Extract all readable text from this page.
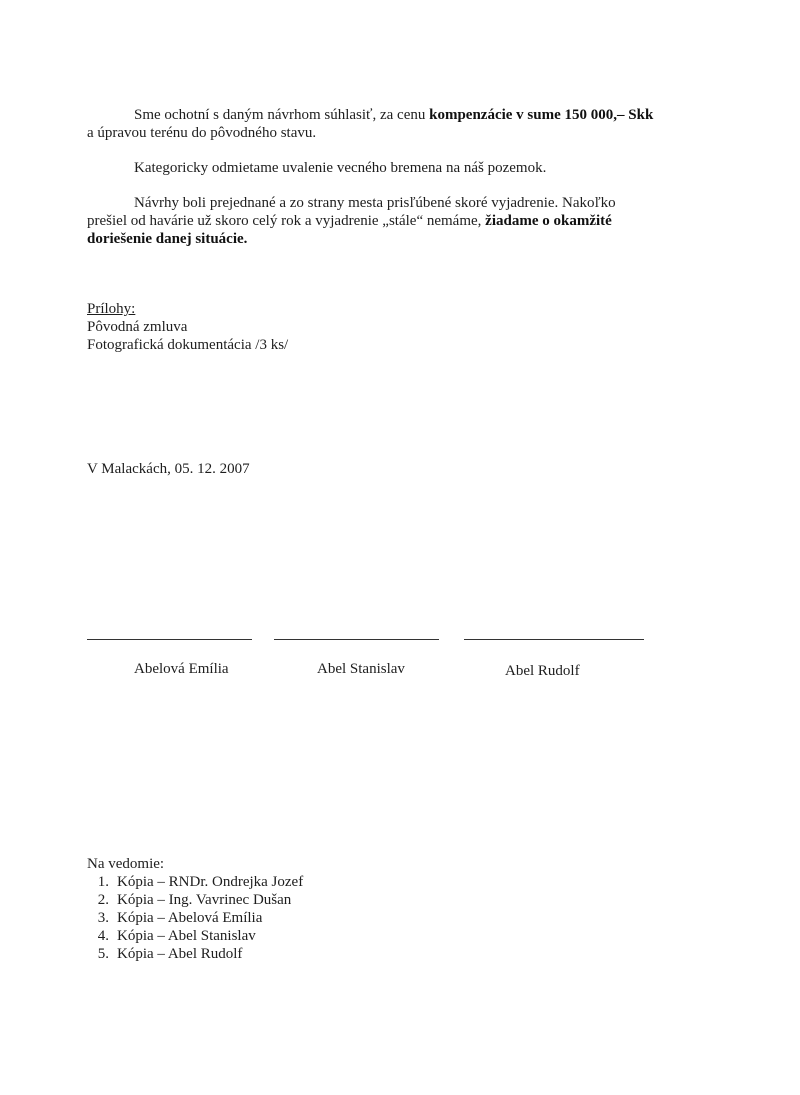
Sme ochotní s daným návrhom súhlasiť, za cenu kompenzácie v sume 150 000,– Skk
a úpravou terénu do pôvodného stavu.
Kategoricky odmietame uvalenie vecného bremena na náš pozemok.
Návrhy boli prejednané a zo strany mesta prisľúbené skoré vyjadrenie. Nakoľko
prešiel od havárie už skoro celý rok a vyjadrenie „stále“ nemáme, žiadame o okamžité
doriešenie danej situácie.
Prílohy:
Pôvodná zmluva
Fotografická dokumentácia /3 ks/
V Malackách, 05. 12. 2007
Abelová Emília	Abel Stanislav	Abel Rudolf
Na vedomie:
1. Kópia – RNDr. Ondrejka Jozef
2. Kópia – Ing. Vavrinec Dušan
3. Kópia – Abelová Emília
4. Kópia – Abel Stanislav
5. Kópia – Abel Rudolf
